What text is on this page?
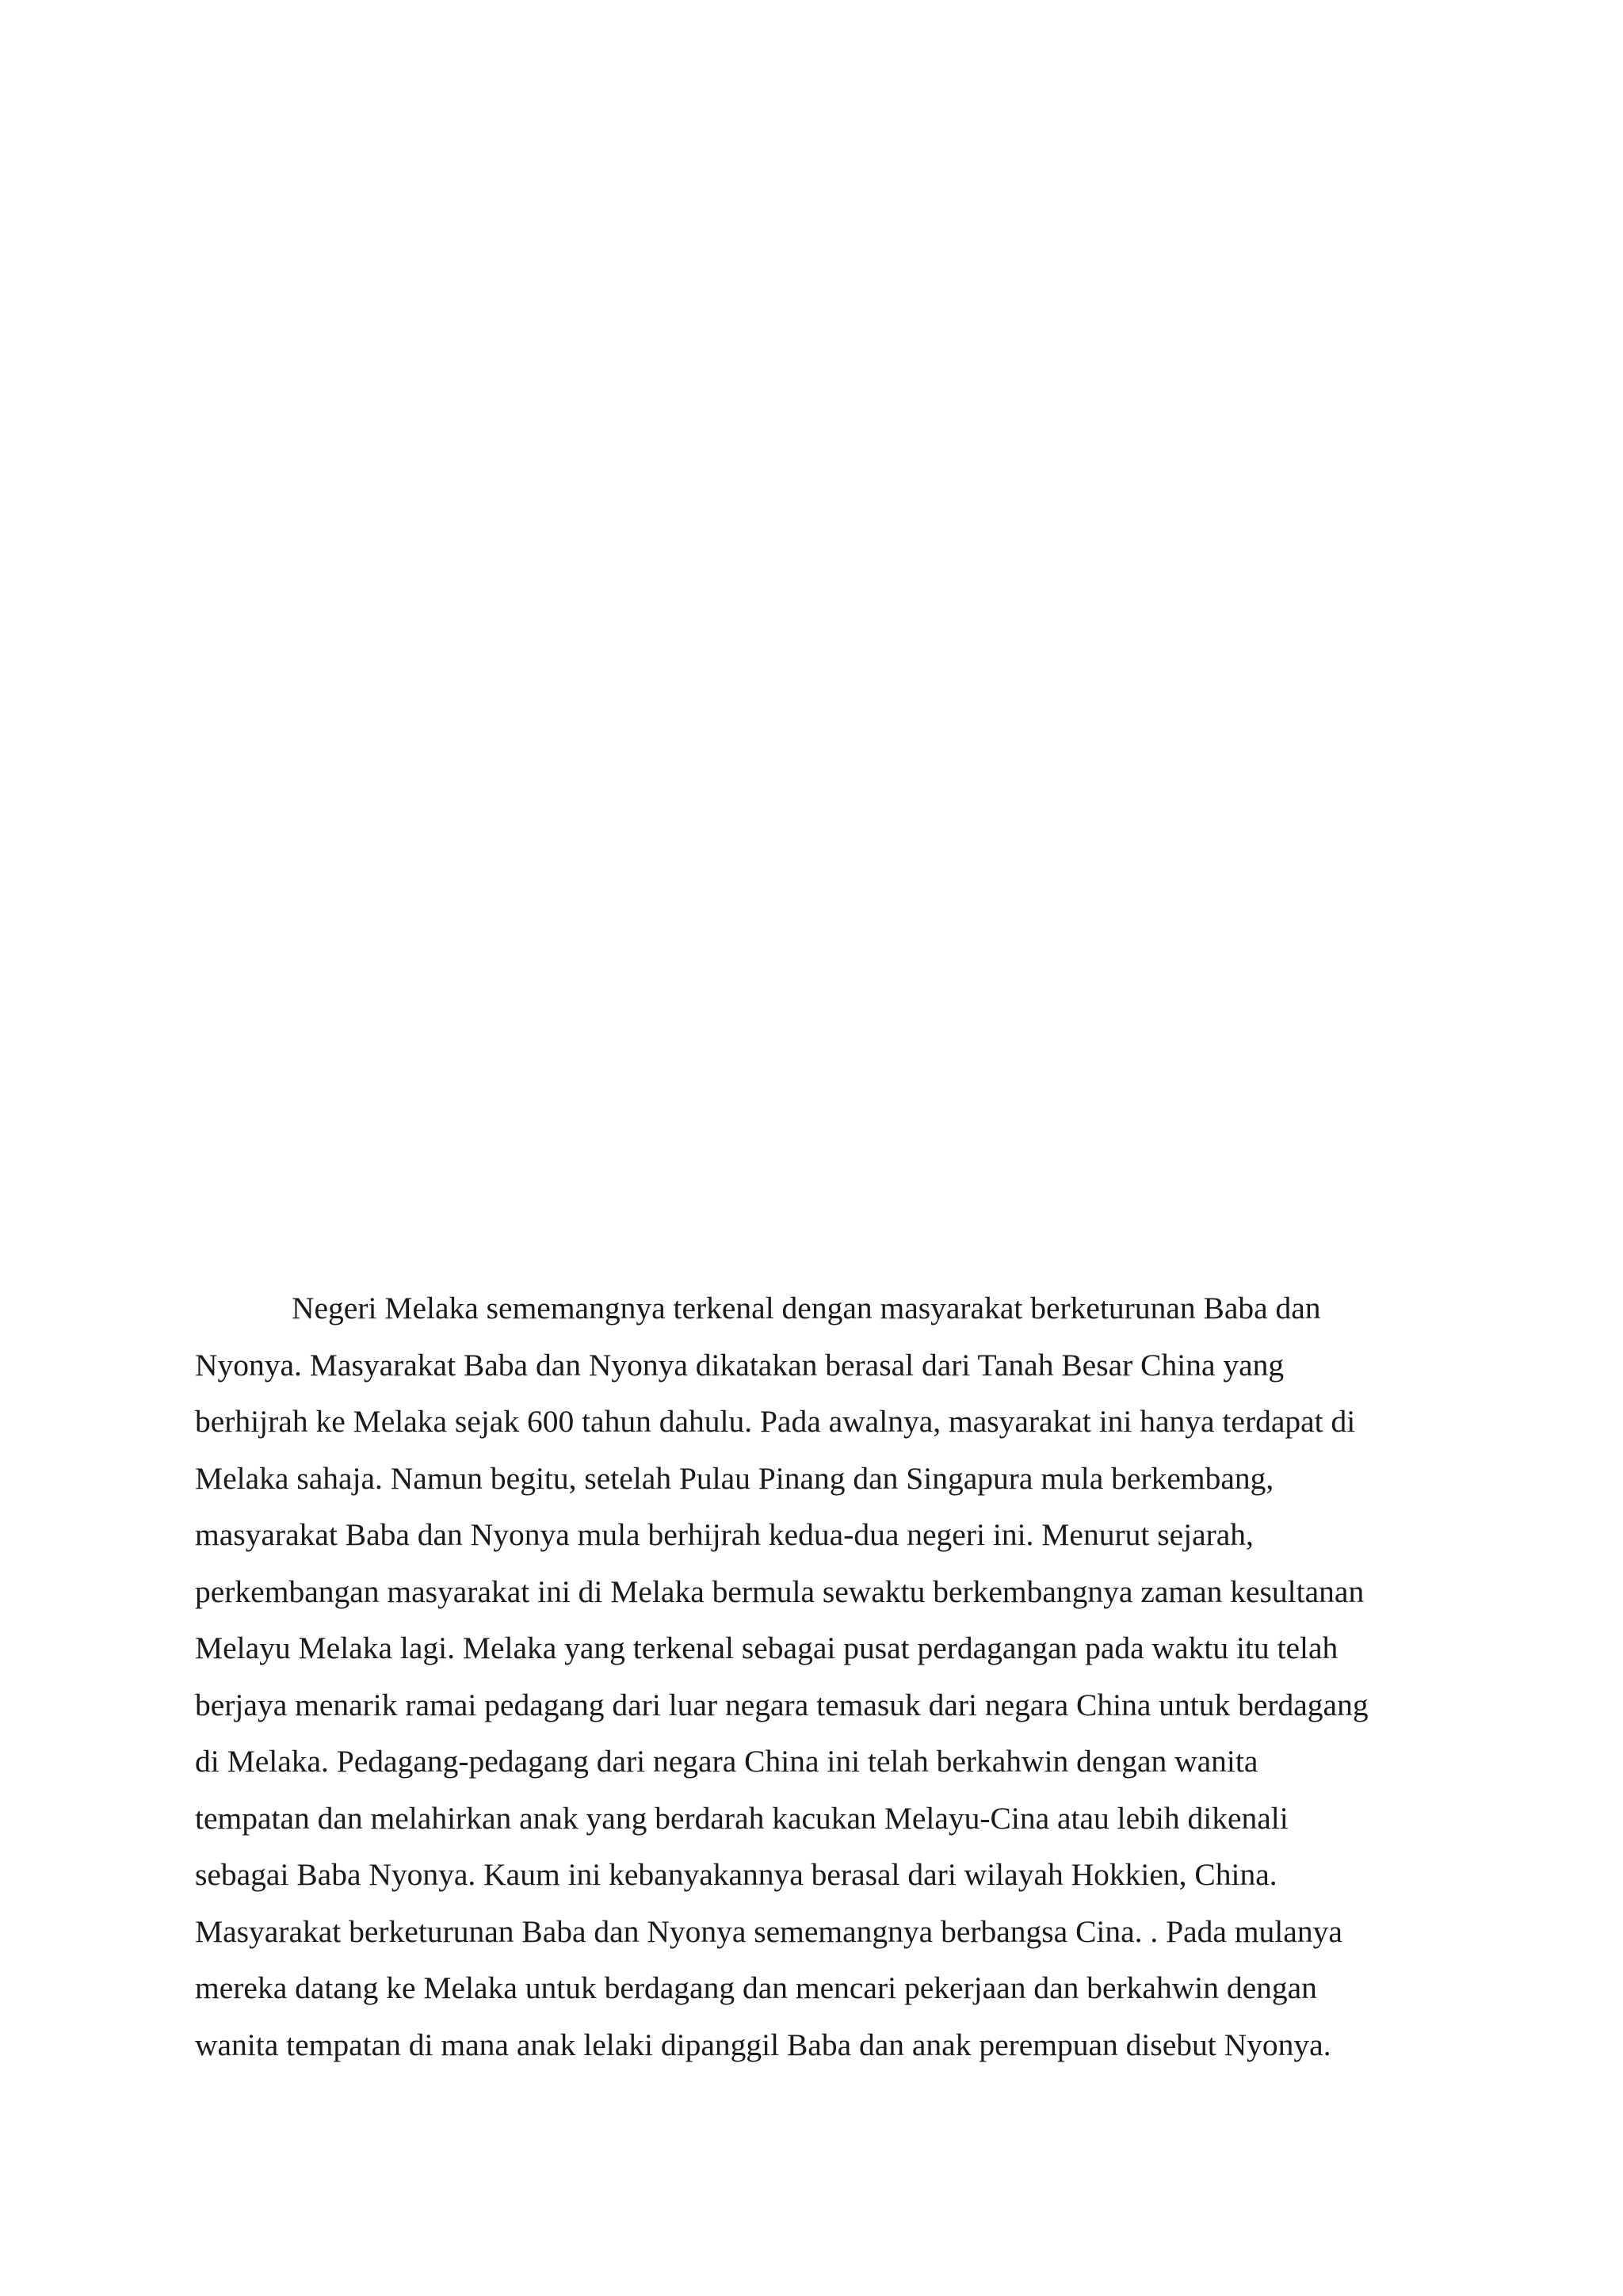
Negeri Melaka sememangnya terkenal dengan masyarakat berketurunan Baba dan
Nyonya. Masyarakat Baba dan Nyonya dikatakan berasal dari Tanah Besar China yang
berhijrah ke Melaka sejak 600 tahun dahulu. Pada awalnya, masyarakat ini hanya terdapat di
Melaka sahaja. Namun begitu, setelah Pulau Pinang dan Singapura mula berkembang,
masyarakat Baba dan Nyonya mula berhijrah kedua-dua negeri ini. Menurut sejarah,
perkembangan masyarakat ini di Melaka bermula sewaktu berkembangnya zaman kesultanan
Melayu Melaka lagi. Melaka yang terkenal sebagai pusat perdagangan pada waktu itu telah
berjaya menarik ramai pedagang dari luar negara temasuk dari negara China untuk berdagang
di Melaka. Pedagang-pedagang dari negara China ini telah berkahwin dengan wanita
tempatan dan melahirkan anak yang berdarah kacukan Melayu-Cina atau lebih dikenali
sebagai Baba Nyonya. Kaum ini kebanyakannya berasal dari wilayah Hokkien, China.
Masyarakat berketurunan Baba dan Nyonya sememangnya berbangsa Cina. . Pada mulanya
mereka datang ke Melaka untuk berdagang dan mencari pekerjaan dan berkahwin dengan
wanita tempatan di mana anak lelaki dipanggil Baba dan anak perempuan disebut Nyonya.
